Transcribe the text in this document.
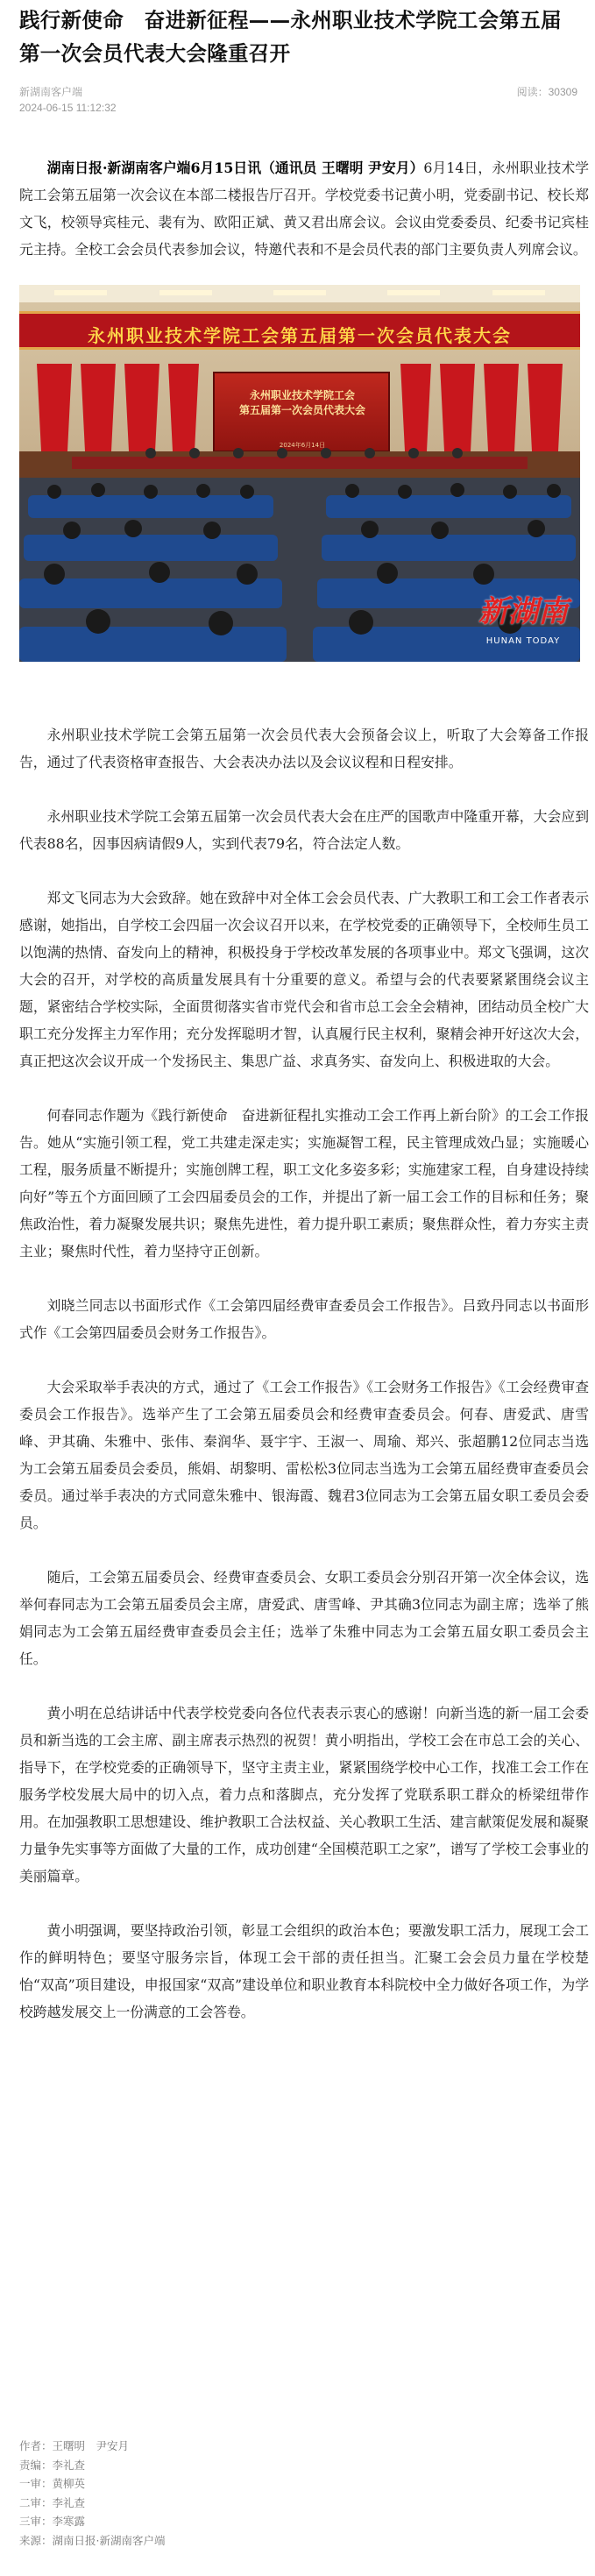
践行新使命　奋进新征程——永州职业技术学院工会第五届第一次会员代表大会隆重召开
新湖南客户端
2024-06-15 11:12:32
阅读：30309

湖南日报·新湖南客户端6月15日讯（通讯员 王曙明 尹安月）6月14日，永州职业技术学院工会第五届第一次会议在本部二楼报告厅召开。学校党委书记黄小明，党委副书记、校长郑文飞，校领导宾桂元、裴有为、欧阳正斌、黄又君出席会议。会议由党委委员、纪委书记宾桂元主持。全校工会会员代表参加会议，特邀代表和不是会员代表的部门主要负责人列席会议。

永州职业技术学院工会第五届第一次会员代表大会
永州职业技术学院工会
第五届第一次会员代表大会
2024年6月14日
新湖南
HUNAN TODAY

永州职业技术学院工会第五届第一次会员代表大会预备会议上，听取了大会筹备工作报告，通过了代表资格审查报告、大会表决办法以及会议议程和日程安排。

永州职业技术学院工会第五届第一次会员代表大会在庄严的国歌声中隆重开幕，大会应到代表88名，因事因病请假9人，实到代表79名，符合法定人数。

郑文飞同志为大会致辞。她在致辞中对全体工会会员代表、广大教职工和工会工作者表示感谢，她指出，自学校工会四届一次会议召开以来，在学校党委的正确领导下，全校师生员工以饱满的热情、奋发向上的精神，积极投身于学校改革发展的各项事业中。郑文飞强调，这次大会的召开，对学校的高质量发展具有十分重要的意义。希望与会的代表要紧紧围绕会议主题，紧密结合学校实际，全面贯彻落实省市党代会和省市总工会全会精神，团结动员全校广大职工充分发挥主力军作用；充分发挥聪明才智，认真履行民主权利，聚精会神开好这次大会，真正把这次会议开成一个发扬民主、集思广益、求真务实、奋发向上、积极进取的大会。

何春同志作题为《践行新使命　奋进新征程扎实推动工会工作再上新台阶》的工会工作报告。她从“实施引领工程，党工共建走深走实；实施凝智工程，民主管理成效凸显；实施暖心工程，服务质量不断提升；实施创牌工程，职工文化多姿多彩；实施建家工程，自身建设持续向好”等五个方面回顾了工会四届委员会的工作，并提出了新一届工会工作的目标和任务；聚焦政治性，着力凝聚发展共识；聚焦先进性，着力提升职工素质；聚焦群众性，着力夯实主责主业；聚焦时代性，着力坚持守正创新。

刘晓兰同志以书面形式作《工会第四届经费审查委员会工作报告》。吕致丹同志以书面形式作《工会第四届委员会财务工作报告》。

大会采取举手表决的方式，通过了《工会工作报告》《工会财务工作报告》《工会经费审查委员会工作报告》。选举产生了工会第五届委员会和经费审查委员会。何春、唐爱武、唐雪峰、尹其确、朱雅中、张伟、秦润华、聂宇宇、王淑一、周瑜、郑兴、张超鹏12位同志当选为工会第五届委员会委员，熊娟、胡黎明、雷松松3位同志当选为工会第五届经费审查委员会委员。通过举手表决的方式同意朱雅中、银海霞、魏君3位同志为工会第五届女职工委员会委员。

随后，工会第五届委员会、经费审查委员会、女职工委员会分别召开第一次全体会议，选举何春同志为工会第五届委员会主席，唐爱武、唐雪峰、尹其确3位同志为副主席；选举了熊娟同志为工会第五届经费审查委员会主任；选举了朱雅中同志为工会第五届女职工委员会主任。

黄小明在总结讲话中代表学校党委向各位代表表示衷心的感谢！向新当选的新一届工会委员和新当选的工会主席、副主席表示热烈的祝贺！黄小明指出，学校工会在市总工会的关心、指导下，在学校党委的正确领导下，坚守主责主业，紧紧围绕学校中心工作，找准工会工作在服务学校发展大局中的切入点，着力点和落脚点，充分发挥了党联系职工群众的桥梁纽带作用。在加强教职工思想建设、维护教职工合法权益、关心教职工生活、建言献策促发展和凝聚力量争先实事等方面做了大量的工作，成功创建“全国模范职工之家”，谱写了学校工会事业的美丽篇章。

黄小明强调，要坚持政治引领，彰显工会组织的政治本色；要激发职工活力，展现工会工作的鲜明特色；要坚守服务宗旨，体现工会干部的责任担当。汇聚工会会员力量在学校楚怡“双高”项目建设，申报国家“双高”建设单位和职业教育本科院校中全力做好各项工作，为学校跨越发展交上一份满意的工会答卷。

作者：王曙明　尹安月
责编：李礼查
一审：黄柳英
二审：李礼查
三审：李寒露
来源：湖南日报·新湖南客户端
